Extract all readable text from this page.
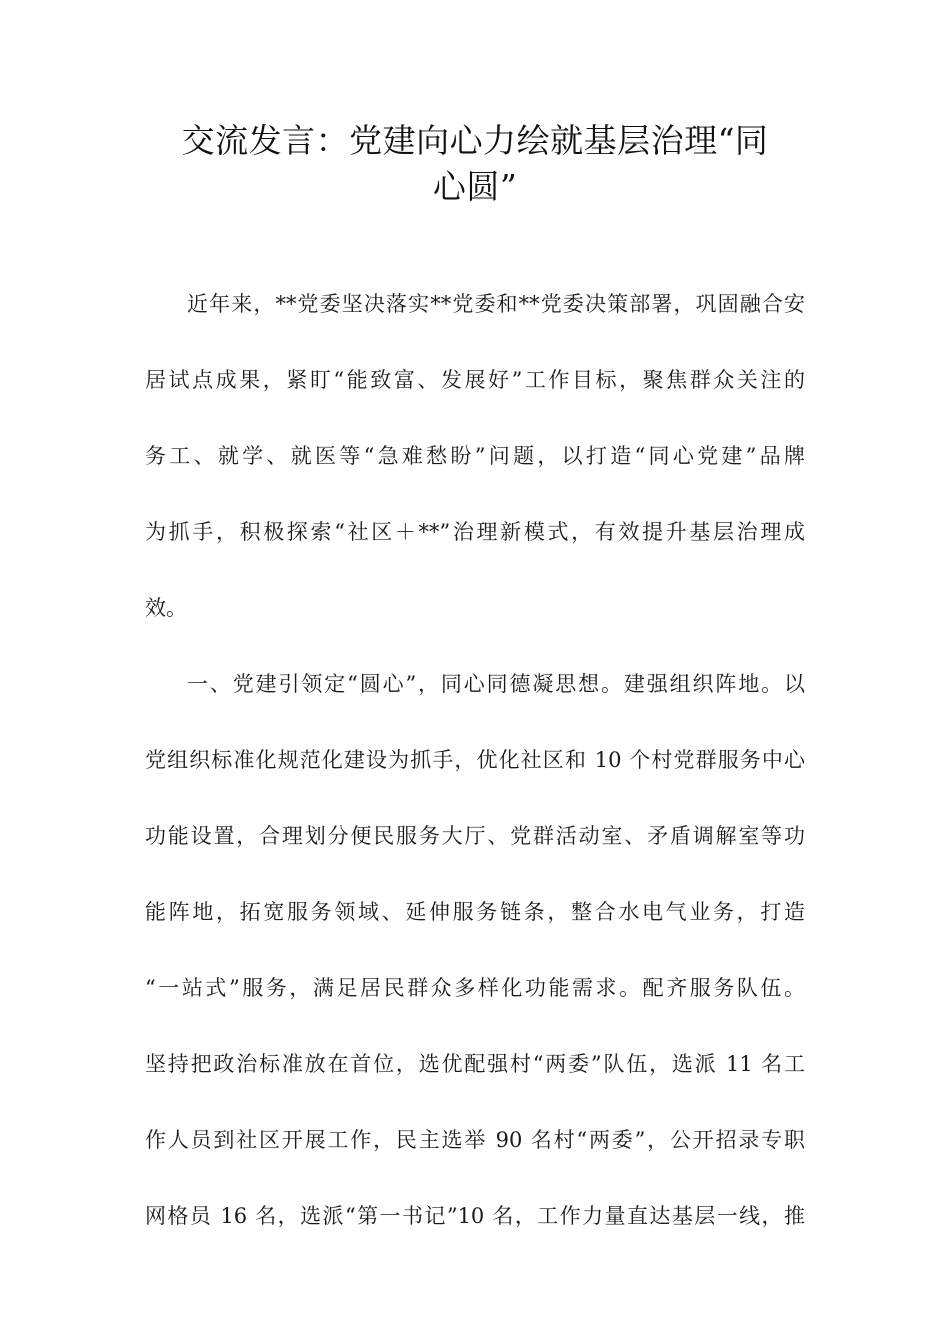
交流发言：党建向心力绘就基层治理“同
心圆”
近年来，**党委坚决落实**党委和**党委决策部署，巩固融合安
居试点成果，紧盯“能致富、发展好”工作目标，聚焦群众关注的
务工、就学、就医等“急难愁盼”问题，以打造“同心党建”品牌
为抓手，积极探索“社区＋**”治理新模式，有效提升基层治理成
效。
一、党建引领定“圆心”，同心同德凝思想。建强组织阵地。以
党组织标准化规范化建设为抓手，优化社区和 10 个村党群服务中心
功能设置，合理划分便民服务大厅、党群活动室、矛盾调解室等功
能阵地，拓宽服务领域、延伸服务链条，整合水电气业务，打造
“一站式”服务，满足居民群众多样化功能需求。配齐服务队伍。
坚持把政治标准放在首位，选优配强村“两委”队伍，选派 11 名工
作人员到社区开展工作，民主选举 90 名村“两委”，公开招录专职
网格员 16 名，选派“第一书记”10 名，工作力量直达基层一线，推
